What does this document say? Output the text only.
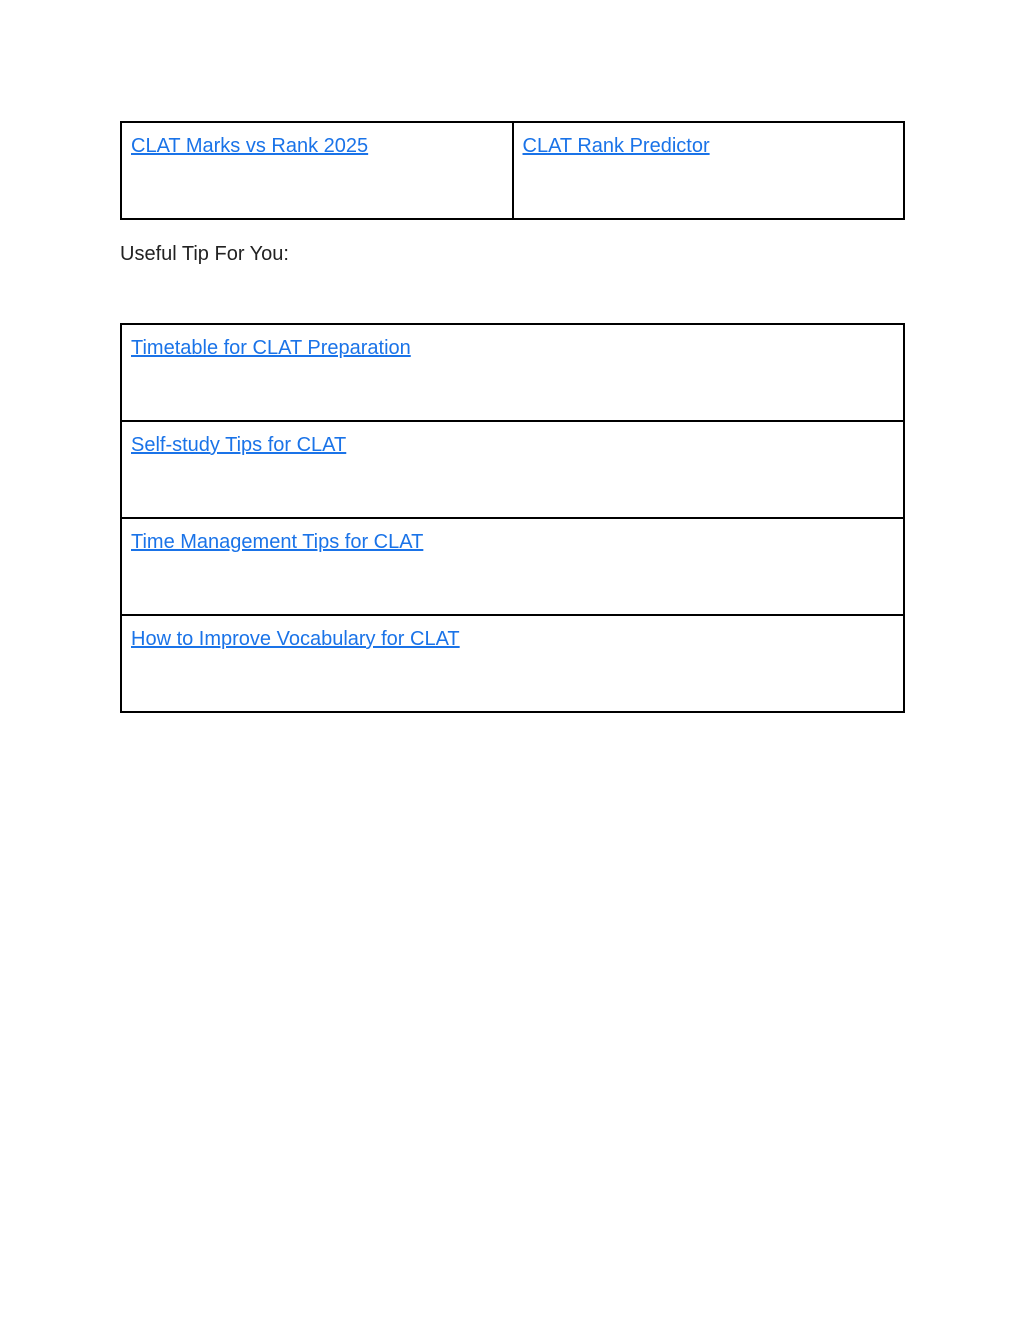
CLAT Marks vs Rank 2025	CLAT Rank Predictor

Useful Tip For You:

Timetable for CLAT Preparation
Self-study Tips for CLAT
Time Management Tips for CLAT
How to Improve Vocabulary for CLAT
